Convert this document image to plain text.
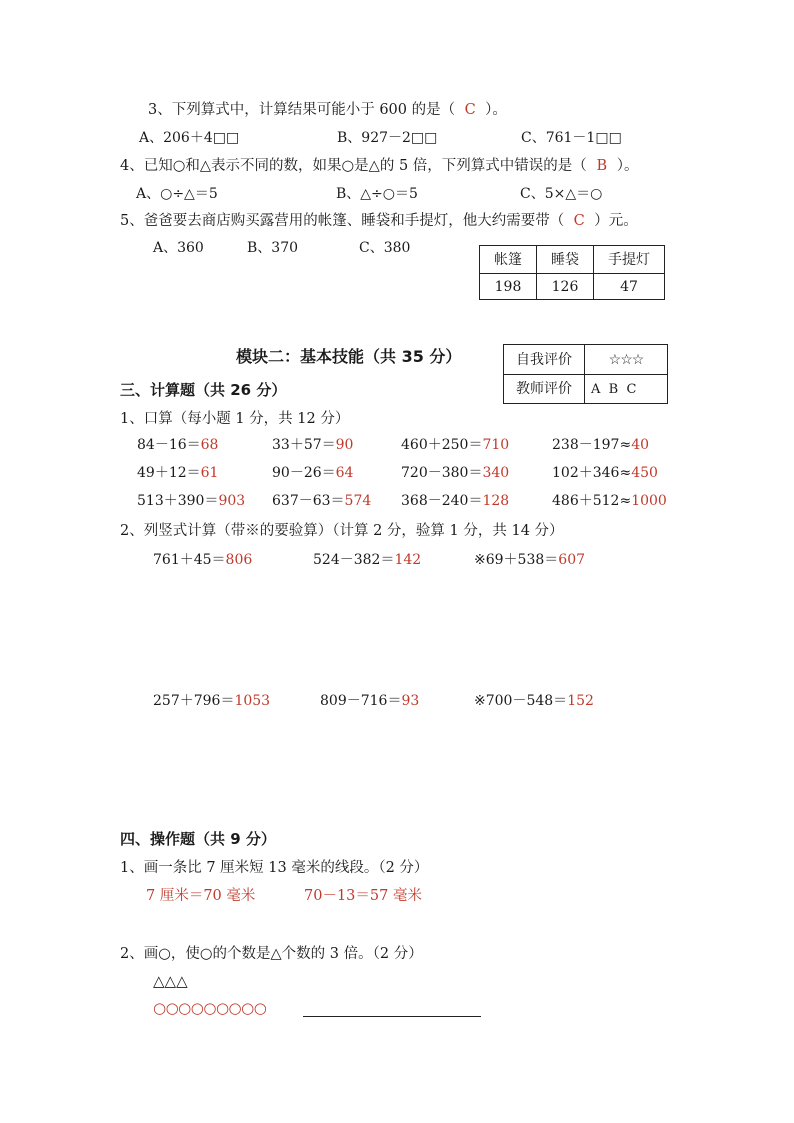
3、下列算式中，计算结果可能小于 600 的是（ C ）。
A、206＋4□□	B、927－2□□	C、761－1□□
4、已知○和△表示不同的数，如果○是△的 5 倍，下列算式中错误的是（ B ）。
A、○÷△＝5	B、△÷○＝5	C、5×△＝○
5、爸爸要去商店购买露营用的帐篷、睡袋和手提灯，他大约需要带（ C ）元。
A、360	B、370	C、380
帐篷	睡袋	手提灯
198	126	47
模块二：基本技能（共 35 分）	自我评价	☆☆☆
教师评价	A  B  C
三、计算题（共 26 分）
1、口算（每小题 1 分，共 12 分）
84－16＝68	33＋57＝90	460＋250＝710	238－197≈40
49＋12＝61	90－26＝64	720－380＝340	102＋346≈450
513＋390＝903 637－63＝574 368－240＝128	486＋512≈1000
2、列竖式计算（带※的要验算）（计算 2 分，验算 1 分，共 14 分）
761＋45＝806	524－382＝142	※69＋538＝607
257＋796＝1053	809－716＝93	※700－548＝152
四、操作题（共 9 分）
1、画一条比 7 厘米短 13 毫米的线段。（2 分）
7 厘米＝70 毫米	70－13＝57 毫米
2、画○，使○的个数是△个数的 3 倍。（2 分）
△△△
○○○○○○○○○
